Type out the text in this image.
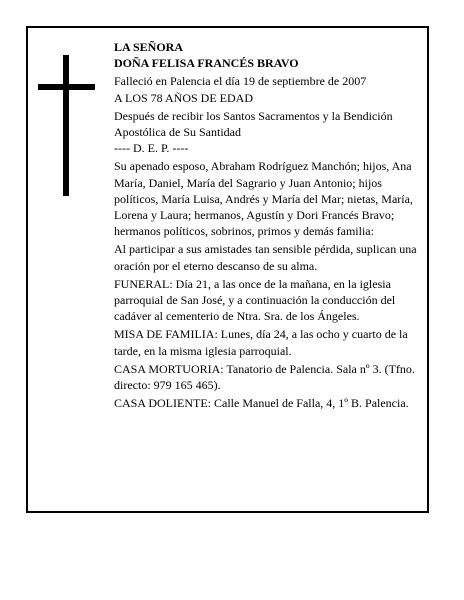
LA SEÑORA

DOÑA FELISA FRANCÉS BRAVO

Falleció en Palencia el día 19 de septiembre de 2007

A LOS 78 AÑOS DE EDAD

Después de recibir los Santos Sacramentos y la Bendición Apostólica de Su Santidad

---- D. E. P. ----

Su apenado esposo, Abraham Rodríguez Manchón; hijos, Ana María, Daniel, María del Sagrario y Juan Antonio; hijos políticos, María Luisa, Andrés y María del Mar; nietas, María, Lorena y Laura; hermanos, Agustín y Dori Francés Bravo; hermanos políticos, sobrinos, primos y demás familia:

Al participar a sus amistades tan sensible pérdida, suplican una oración por el eterno descanso de su alma.

FUNERAL: Día 21, a las once de la mañana, en la iglesia parroquial de San José, y a continuación la conducción del cadáver al cementerio de Ntra. Sra. de los Ángeles.

MISA DE FAMILIA: Lunes, día 24, a las ocho y cuarto de la tarde, en la misma iglesia parroquial.

CASA MORTUORIA: Tanatorio de Palencia. Sala nº 3. (Tfno. directo: 979 165 465).

CASA DOLIENTE: Calle Manuel de Falla, 4, 1º B. Palencia.
